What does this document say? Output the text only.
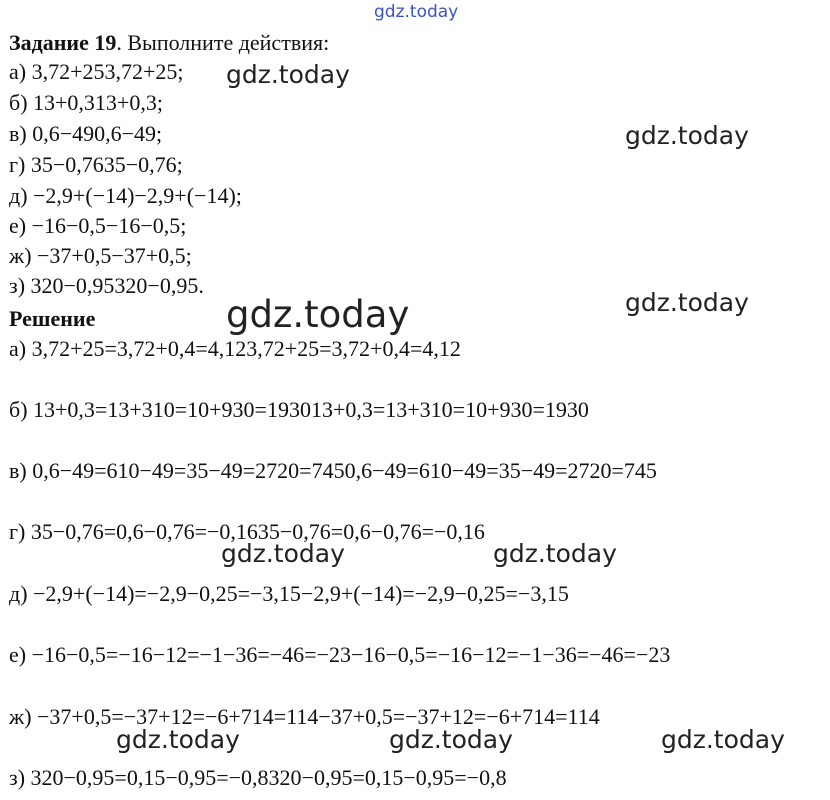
gdz.today
Задание 19. Выполните действия:
а) 3,72+253,72+25;
б) 13+0,313+0,3;
в) 0,6−490,6−49;
г) 35−0,7635−0,76;
д) −2,9+(−14)−2,9+(−14);
е) −16−0,5−16−0,5;
ж) −37+0,5−37+0,5;
з) 320−0,95320−0,95.
Решение
а) 3,72+25=3,72+0,4=4,123,72+25=3,72+0,4=4,12
б) 13+0,3=13+310=10+930=193013+0,3=13+310=10+930=1930
в) 0,6−49=610−49=35−49=2720=7450,6−49=610−49=35−49=2720=745
г) 35−0,76=0,6−0,76=−0,1635−0,76=0,6−0,76=−0,16
д) −2,9+(−14)=−2,9−0,25=−3,15−2,9+(−14)=−2,9−0,25=−3,15
е) −16−0,5=−16−12=−1−36=−46=−23−16−0,5=−16−12=−1−36=−46=−23
ж) −37+0,5=−37+12=−6+714=114−37+0,5=−37+12=−6+714=114
з) 320−0,95=0,15−0,95=−0,8320−0,95=0,15−0,95=−0,8
gdz.today
gdz.today
gdz.today
gdz.today
gdz.today	gdz.today
gdz.today	gdz.today	gdz.today
